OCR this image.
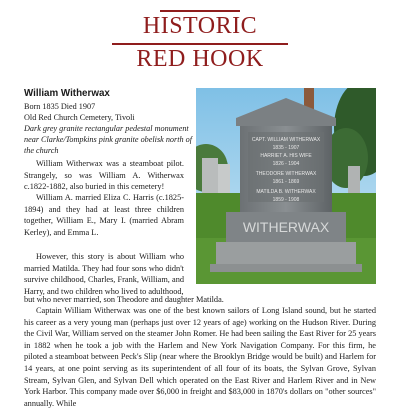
HISTORIC
RED HOOK
William Witherwax
Born 1835 Died 1907
Old Red Church Cemetery, Tivoli
Dark grey granite rectangular pedestal monument near Clarke/Tompkins pink granite obelisk north of the church
CAPT. WILLIAM WITHERWAX
1835 - 1907
HARRIET A. HIS WIFE
1826 - 1904
THEODORE WITHERWAX
1861 - 1869
MATILDA B. WITHERWAX
1859 - 1908
WITHERWAX
William Witherwax was a steamboat pilot. Strangely, so was William A. Witherwax c.1822-1882, also buried in this cemetery!
William A. married Eliza C. Harris (c.1825-1894) and they had at least three children together, William E., Mary I. (married Abram Kerley), and Emma L.
However, this story is about William who married Matilda. They had four sons who didn't survive childhood, Charles, Frank, William, and Harry, and two children who lived to adulthood,
but who never married, son Theodore and daughter Matilda.
Captain William Witherwax was one of the best known sailors of Long Island sound, but he started his career as a very young man (perhaps just over 12 years of age) working on the Hudson River. During the Civil War, William served on the steamer John Romer. He had been sailing the East River for 25 years in 1882 when he took a job with the Harlem and New York Navigation Company. For this firm, he piloted a steamboat between Peck's Slip (near where the Brooklyn Bridge would be built) and Harlem for 14 years, at one point serving as its superintendent of all four of its boats, the Sylvan Grove, Sylvan Stream, Sylvan Glen, and Sylvan Dell which operated on the East River and Harlem River and in New York Harbor. This company made over $6,000 in freight and $83,000 in 1870's dollars on "other sources" annually. While
